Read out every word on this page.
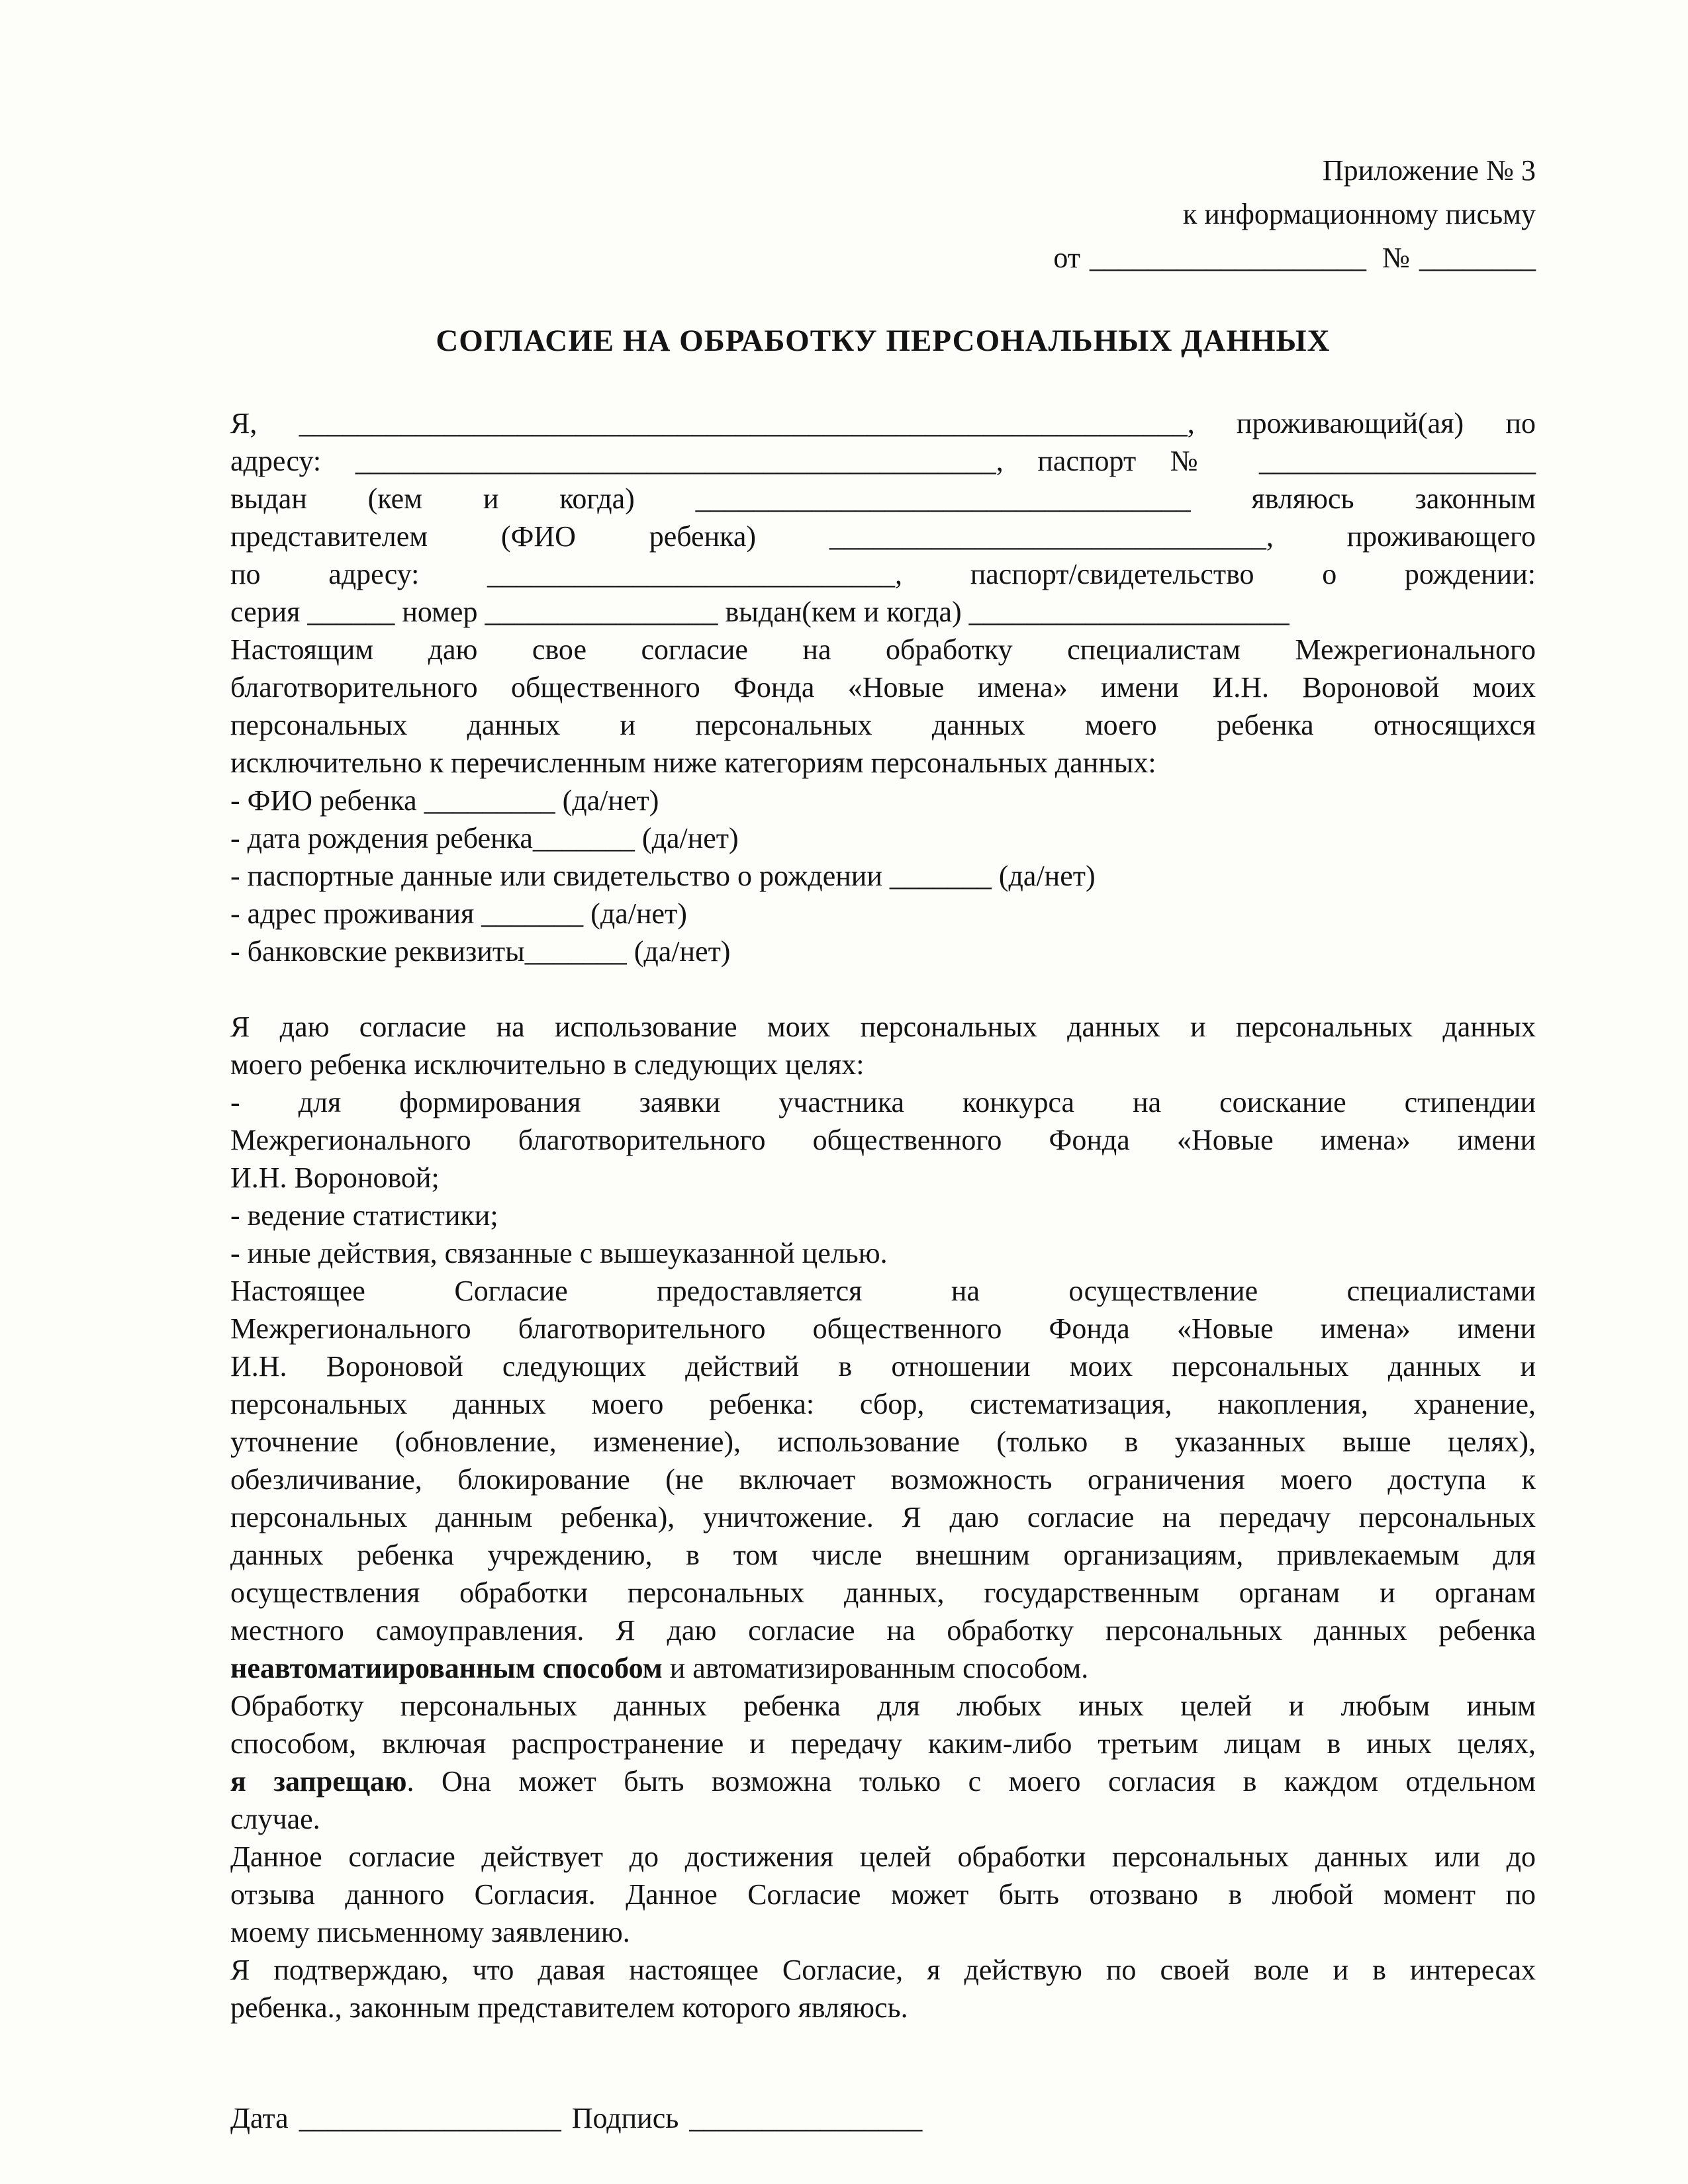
Приложение № 3
к информационному письму
от ___________________ № ________
СОГЛАСИЕ НА ОБРАБОТКУ ПЕРСОНАЛЬНЫХ ДАННЫХ
Я, _____________________________________________________________, проживающий(ая) по
адресу: ____________________________________________, паспорт № ___________________
выдан (кем и когда) __________________________________ являюсь законным
представителем (ФИО ребенка) ______________________________, проживающего
по адресу: ____________________________, паспорт/свидетельство о рождении:
серия ______ номер ________________ выдан(кем и когда) ______________________
Настоящим даю свое согласие на обработку специалистам Межрегионального
благотворительного общественного Фонда «Новые имена» имени И.Н. Вороновой моих
персональных данных и персональных данных моего ребенка относящихся
исключительно к перечисленным ниже категориям персональных данных:
- ФИО ребенка _________ (да/нет)
- дата рождения ребенка_______ (да/нет)
- паспортные данные или свидетельство о рождении _______ (да/нет)
- адрес проживания _______ (да/нет)
- банковские реквизиты_______ (да/нет)
Я даю согласие на использование моих персональных данных и персональных данных
моего ребенка исключительно в следующих целях:
- для формирования заявки участника конкурса на соискание стипендии
Межрегионального благотворительного общественного Фонда «Новые имена» имени
И.Н. Вороновой;
- ведение статистики;
- иные действия, связанные с вышеуказанной целью.
Настоящее Согласие предоставляется на осуществление специалистами
Межрегионального благотворительного общественного Фонда «Новые имена» имени
И.Н. Вороновой следующих действий в отношении моих персональных данных и
персональных данных моего ребенка: сбор, систематизация, накопления, хранение,
уточнение (обновление, изменение), использование (только в указанных выше целях),
обезличивание, блокирование (не включает возможность ограничения моего доступа к
персональных данным ребенка), уничтожение. Я даю согласие на передачу персональных
данных ребенка учреждению, в том числе внешним организациям, привлекаемым для
осуществления обработки персональных данных, государственным органам и органам
местного самоуправления. Я даю согласие на обработку персональных данных ребенка
неавтоматиированным способом и автоматизированным способом.
Обработку персональных данных ребенка для любых иных целей и любым иным
способом, включая распространение и передачу каким-либо третьим лицам в иных целях,
я запрещаю. Она может быть возможна только с моего согласия в каждом отдельном
случае.
Данное согласие действует до достижения целей обработки персональных данных или до
отзыва данного Согласия. Данное Согласие может быть отозвано в любой момент по
моему письменному заявлению.
Я подтверждаю, что давая настоящее Согласие, я действую по своей воле и в интересах
ребенка., законным представителем которого являюсь.
Дата __________________ Подпись ________________
